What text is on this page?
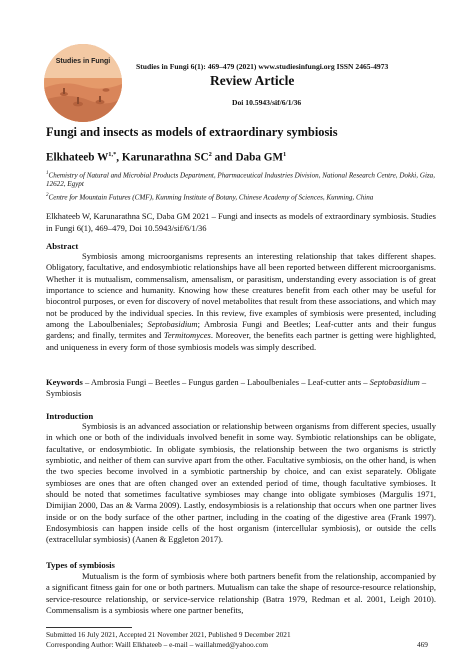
Studies in Fungi
Studies in Fungi 6(1): 469–479 (2021) www.studiesinfungi.org ISSN 2465-4973
Review Article
Doi 10.5943/sif/6/1/36
Fungi and insects as models of extraordinary symbiosis
Elkhateeb $W^{1,*}$, Karunarathna $SC^2$ and Daba $GM^1$
$^1$Chemistry of Natural and Microbial Products Department, Pharmaceutical Industries Division, National Research Centre, Dokki, Giza, 12622, Egypt
$^2$Centre for Mountain Futures (CMF), Kunming Institute of Botany, Chinese Academy of Sciences, Kunming, China
Elkhateeb W, Karunarathna SC, Daba GM 2021 – Fungi and insects as models of extraordinary symbiosis. Studies in Fungi 6(1), 469–479, Doi 10.5943/sif/6/1/36
Abstract
Symbiosis among microorganisms represents an interesting relationship that takes different shapes. Obligatory, facultative, and endosymbiotic relationships have all been reported between different microorganisms. Whether it is mutualism, commensalism, amensalism, or parasitism, understanding every association is of great importance to science and humanity. Knowing how these creatures benefit from each other may be useful for biocontrol purposes, or even for discovery of novel metabolites that result from these associations, and which may not be produced by the individual species. In this review, five examples of symbiosis were presented, including among the Laboulbeniales; Septobasidium; Ambrosia Fungi and Beetles; Leaf-cutter ants and their fungus gardens; and finally, termites and Termitomyces. Moreover, the benefits each partner is getting were highlighted, and uniqueness in every form of those symbiosis models was simply described.
Keywords – Ambrosia Fungi – Beetles – Fungus garden – Laboulbeniales – Leaf-cutter ants – Septobasidium – Symbiosis
Introduction
Symbiosis is an advanced association or relationship between organisms from different species, usually in which one or both of the individuals involved benefit in some way. Symbiotic relationships can be obligate, facultative, or endosymbiotic. In obligate symbiosis, the relationship between the two organisms is strictly symbiotic, and neither of them can survive apart from the other. Facultative symbiosis, on the other hand, is when the two species become involved in a symbiotic partnership by choice, and can exist separately. Obligate symbioses are ones that are often changed over an extended period of time, though facultative symbioses. It should be noted that sometimes facultative symbioses may change into obligate symbioses (Margulis 1971, Dimijian 2000, Das an & Varma 2009). Lastly, endosymbiosis is a relationship that occurs when one partner lives inside or on the body surface of the other partner, including in the coating of the digestive area (Frank 1997). Endosymbiosis can happen inside cells of the host organism (intercellular symbiosis), or outside the cells (extracellular symbiosis) (Aanen & Eggleton 2017).
Types of symbiosis
Mutualism is the form of symbiosis where both partners benefit from the relationship, accompanied by a significant fitness gain for one or both partners. Mutualism can take the shape of resource-resource relationship, service-resource relationship, or service-service relationship (Batra 1979, Redman et al. 2001, Leigh 2010). Commensalism is a symbiosis where one partner benefits,
Submitted 16 July 2021, Accepted 21 November 2021, Published 9 December 2021
Corresponding Author: Waill Elkhateeb – e-mail – waillahmed@yahoo.com	469
